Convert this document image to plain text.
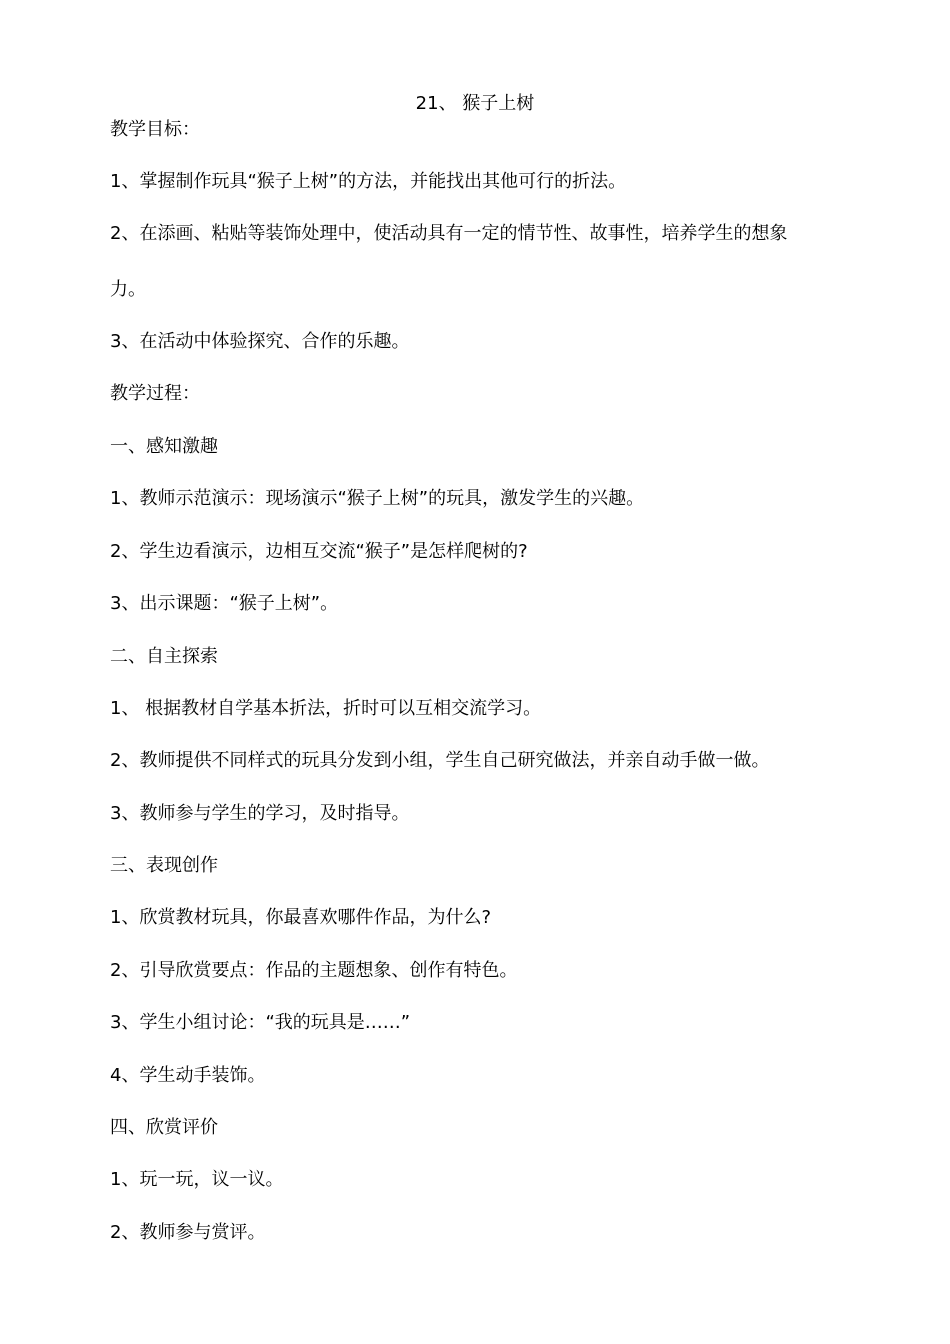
21、 猴子上树
教学目标：
1、掌握制作玩具“猴子上树”的方法，并能找出其他可行的折法。
2、在添画、粘贴等装饰处理中，使活动具有一定的情节性、故事性，培养学生的想象
力。
3、在活动中体验探究、合作的乐趣。
教学过程：
一、感知激趣
1、教师示范演示：现场演示“猴子上树”的玩具，激发学生的兴趣。
2、学生边看演示，边相互交流“猴子”是怎样爬树的?
3、出示课题：“猴子上树”。
二、自主探索
1、 根据教材自学基本折法，折时可以互相交流学习。
2、教师提供不同样式的玩具分发到小组，学生自己研究做法，并亲自动手做一做。
3、教师参与学生的学习，及时指导。
三、表现创作
1、欣赏教材玩具，你最喜欢哪件作品，为什么?
2、引导欣赏要点：作品的主题想象、创作有特色。
3、学生小组讨论：“我的玩具是……”
4、学生动手装饰。
四、欣赏评价
1、玩一玩，议一议。
2、教师参与赏评。
